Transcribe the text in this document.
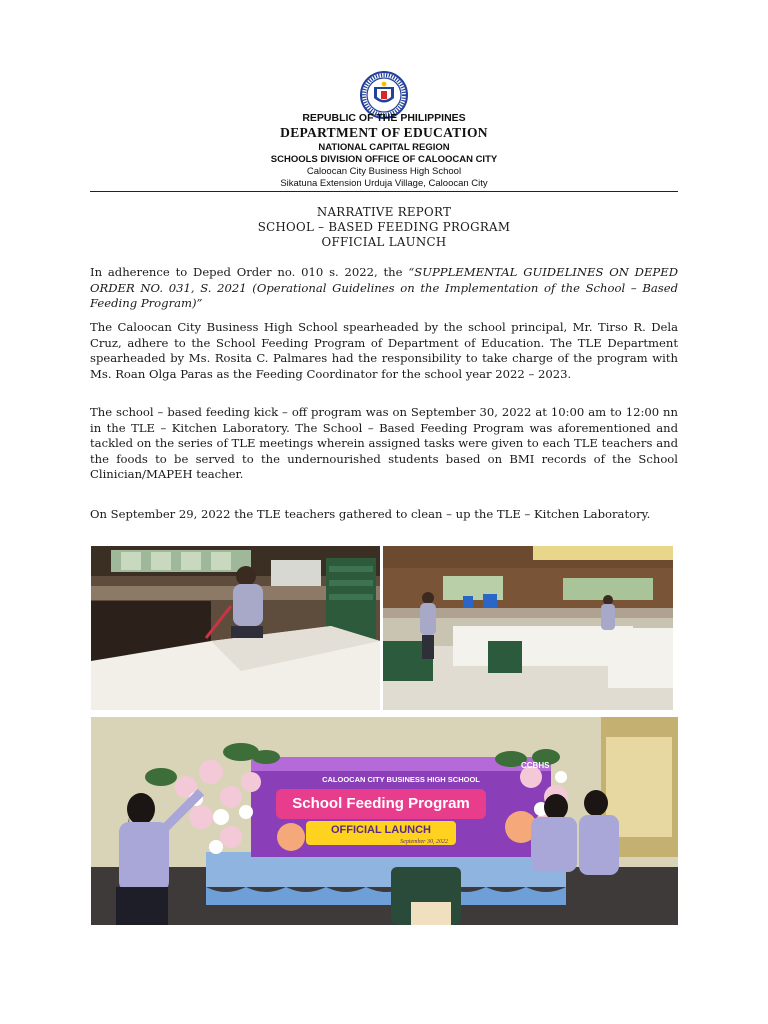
REPUBLIC OF THE PHILIPPINES
DEPARTMENT OF EDUCATION
NATIONAL CAPITAL REGION
SCHOOLS DIVISION OFFICE OF CALOOCAN CITY
Caloocan City Business High School
Sikatuna Extension Urduja Village, Caloocan City
NARRATIVE REPORT
SCHOOL – BASED FEEDING PROGRAM
OFFICIAL LAUNCH

In adherence to Deped Order no. 010 s. 2022, the “SUPPLEMENTAL GUIDELINES ON DEPED ORDER NO. 031, S. 2021 (Operational Guidelines on the Implementation of the School – Based Feeding Program)”

The Caloocan City Business High School spearheaded by the school principal, Mr. Tirso R. Dela Cruz, adhere to the School Feeding Program of Department of Education. The TLE Department spearheaded by Ms. Rosita C. Palmares had the responsibility to take charge of the program with Ms. Roan Olga Paras as the Feeding Coordinator for the school year 2022 – 2023.

The school – based feeding kick – off program was on September 30, 2022 at 10:00 am to 12:00 nn in the TLE – Kitchen Laboratory. The School – Based Feeding Program was aforementioned and tackled on the series of TLE meetings wherein assigned tasks were given to each TLE teachers and the foods to be served to the undernourished students based on BMI records of the School Clinician/MAPEH teacher.

On September 29, 2022 the TLE teachers gathered to clean – up the TLE – Kitchen Laboratory.

CALOOCAN CITY BUSINESS HIGH SCHOOL
CCBHS
School Feeding Program
OFFICIAL LAUNCH
September 30, 2022
